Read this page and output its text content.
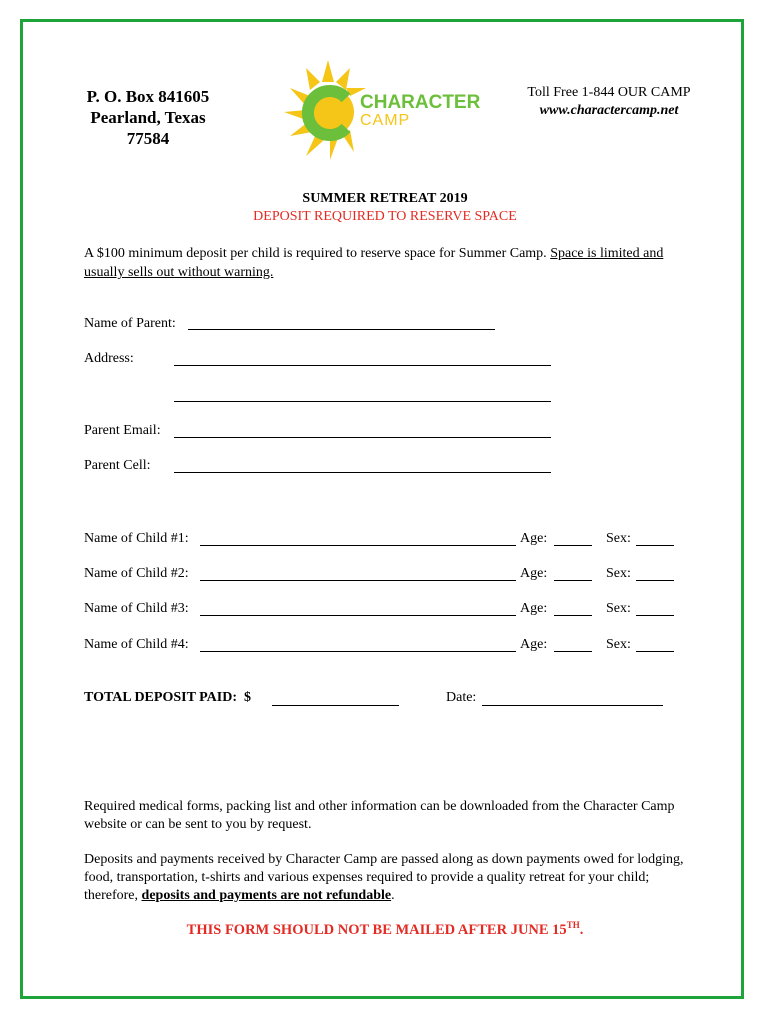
P. O. Box 841605
Pearland, Texas 77584
CHARACTER
CAMP
Toll Free 1-844 OUR CAMP
www.charactercamp.net
SUMMER RETREAT 2019
DEPOSIT REQUIRED TO RESERVE SPACE
A $100 minimum deposit per child is required to reserve space for Summer Camp. Space is limited and usually sells out without warning.
Name of Parent:
Address:
Parent Email:
Parent Cell:
Name of Child #1:	Age:	Sex:
Name of Child #2:	Age:	Sex:
Name of Child #3:	Age:	Sex:
Name of Child #4:	Age:	Sex:
TOTAL DEPOSIT PAID: $	Date:
Required medical forms, packing list and other information can be downloaded from the Character Camp website or can be sent to you by request.
Deposits and payments received by Character Camp are passed along as down payments owed for lodging, food, transportation, t-shirts and various expenses required to provide a quality retreat for your child; therefore, deposits and payments are not refundable.
THIS FORM SHOULD NOT BE MAILED AFTER JUNE 15TH.
